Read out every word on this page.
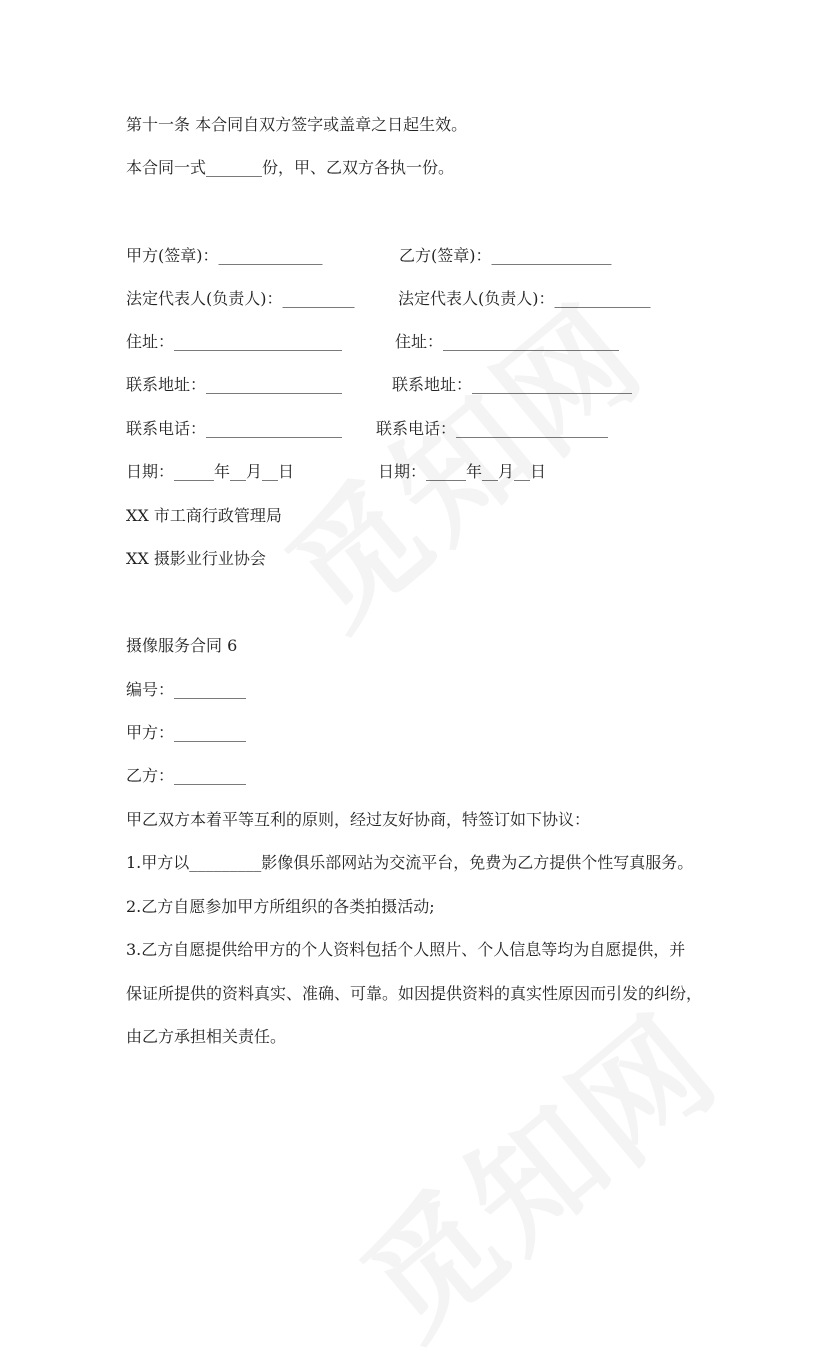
第十一条 本合同自双方签字或盖章之日起生效。
本合同一式_______份，甲、乙双方各执一份。
甲方(签章)：_____________
法定代表人(负责人)：_________
住址：_____________________
联系地址：_________________
联系电话：_________________
日期：_____年__月__日
乙方(签章)：_______________
法定代表人(负责人)：____________
住址：______________________
联系地址：____________________
联系电话：___________________
日期：_____年__月__日
XX 市工商行政管理局
XX 摄影业行业协会
摄像服务合同 6
编号：_________
甲方：_________
乙方：_________
甲乙双方本着平等互利的原则，经过友好协商，特签订如下协议：
1.甲方以_________影像俱乐部网站为交流平台，免费为乙方提供个性写真服务。
2.乙方自愿参加甲方所组织的各类拍摄活动;
3.乙方自愿提供给甲方的个人资料包括个人照片、个人信息等均为自愿提供，并
保证所提供的资料真实、准确、可靠。如因提供资料的真实性原因而引发的纠纷，
由乙方承担相关责任。
